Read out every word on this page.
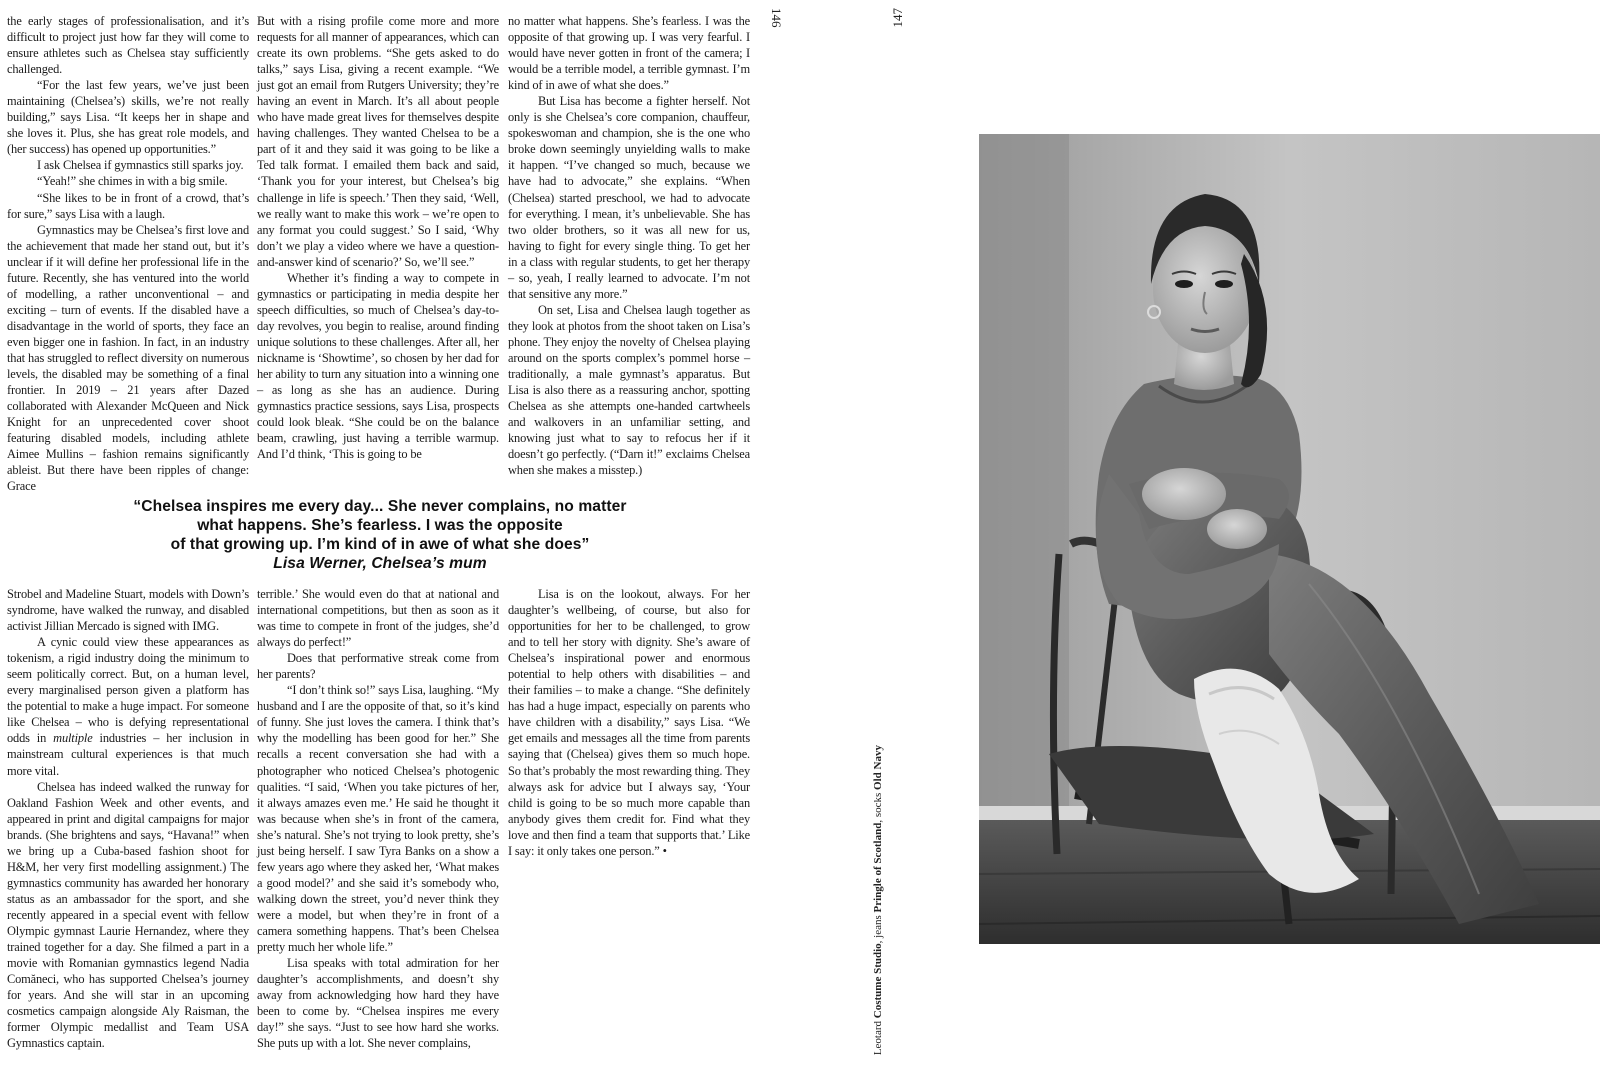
146	147

the early stages of professionalisation, and it’s difficult to project just how far they will come to ensure athletes such as Chelsea stay sufficiently challenged.

“For the last few years, we’ve just been maintaining (Chelsea’s) skills, we’re not really building,” says Lisa. “It keeps her in shape and she loves it. Plus, she has great role models, and (her success) has opened up opportunities.”

I ask Chelsea if gymnastics still sparks joy.

“Yeah!” she chimes in with a big smile.

“She likes to be in front of a crowd, that’s for sure,” says Lisa with a laugh.

Gymnastics may be Chelsea’s first love and the achievement that made her stand out, but it’s unclear if it will define her professional life in the future. Recently, she has ventured into the world of modelling, a rather unconventional – and exciting – turn of events. If the disabled have a disadvantage in the world of sports, they face an even bigger one in fashion. In fact, in an industry that has struggled to reflect diversity on numerous levels, the disabled may be something of a final frontier. In 2019 – 21 years after Dazed collaborated with Alexander McQueen and Nick Knight for an unprecedented cover shoot featuring disabled models, including athlete Aimee Mullins – fashion remains significantly ableist. But there have been ripples of change: Grace

But with a rising profile come more and more requests for all manner of appearances, which can create its own problems. “She gets asked to do talks,” says Lisa, giving a recent example. “We just got an email from Rutgers University; they’re having an event in March. It’s all about people who have made great lives for themselves despite having challenges. They wanted Chelsea to be a part of it and they said it was going to be like a Ted talk format. I emailed them back and said, ‘Thank you for your interest, but Chelsea’s big challenge in life is speech.’ Then they said, ‘Well, we really want to make this work – we’re open to any format you could suggest.’ So I said, ‘Why don’t we play a video where we have a question-and-answer kind of scenario?’ So, we’ll see.”

Whether it’s finding a way to compete in gymnastics or participating in media despite her speech difficulties, so much of Chelsea’s day-to-day revolves, you begin to realise, around finding unique solutions to these challenges. After all, her nickname is ‘Showtime’, so chosen by her dad for her ability to turn any situation into a winning one – as long as she has an audience. During gymnastics practice sessions, says Lisa, prospects could look bleak. “She could be on the balance beam, crawling, just having a terrible warmup. And I’d think, ‘This is going to be

no matter what happens. She’s fearless. I was the opposite of that growing up. I was very fearful. I would have never gotten in front of the camera; I would be a terrible model, a terrible gymnast. I’m kind of in awe of what she does.”

But Lisa has become a fighter herself. Not only is she Chelsea’s core companion, chauffeur, spokeswoman and champion, she is the one who broke down seemingly unyielding walls to make it happen. “I’ve changed so much, because we have had to advocate,” she explains. “When (Chelsea) started preschool, we had to advocate for everything. I mean, it’s unbelievable. She has two older brothers, so it was all new for us, having to fight for every single thing. To get her in a class with regular students, to get her therapy – so, yeah, I really learned to advocate. I’m not that sensitive any more.”

On set, Lisa and Chelsea laugh together as they look at photos from the shoot taken on Lisa’s phone. They enjoy the novelty of Chelsea playing around on the sports complex’s pommel horse – traditionally, a male gymnast’s apparatus. But Lisa is also there as a reassuring anchor, spotting Chelsea as she attempts one-handed cartwheels and walkovers in an unfamiliar setting, and knowing just what to say to refocus her if it doesn’t go perfectly. (“Darn it!” exclaims Chelsea when she makes a misstep.)

“Chelsea inspires me every day... She never complains, no matter
what happens. She’s fearless. I was the opposite
of that growing up. I’m kind of in awe of what she does”
Lisa Werner, Chelsea’s mum

Strobel and Madeline Stuart, models with Down’s syndrome, have walked the runway, and disabled activist Jillian Mercado is signed with IMG.

A cynic could view these appearances as tokenism, a rigid industry doing the minimum to seem politically correct. But, on a human level, every marginalised person given a platform has the potential to make a huge impact. For someone like Chelsea – who is defying representational odds in multiple industries – her inclusion in mainstream cultural experiences is that much more vital.

Chelsea has indeed walked the runway for Oakland Fashion Week and other events, and appeared in print and digital campaigns for major brands. (She brightens and says, “Havana!” when we bring up a Cuba-based fashion shoot for H&M, her very first modelling assignment.) The gymnastics community has awarded her honorary status as an ambassador for the sport, and she recently appeared in a special event with fellow Olympic gymnast Laurie Hernandez, where they trained together for a day. She filmed a part in a movie with Romanian gymnastics legend Nadia Comăneci, who has supported Chelsea’s journey for years. And she will star in an upcoming cosmetics campaign alongside Aly Raisman, the former Olympic medallist and Team USA Gymnastics captain.

terrible.’ She would even do that at national and international competitions, but then as soon as it was time to compete in front of the judges, she’d always do perfect!”

Does that performative streak come from her parents?

“I don’t think so!” says Lisa, laughing. “My husband and I are the opposite of that, so it’s kind of funny. She just loves the camera. I think that’s why the modelling has been good for her.” She recalls a recent conversation she had with a photographer who noticed Chelsea’s photogenic qualities. “I said, ‘When you take pictures of her, it always amazes even me.’ He said he thought it was because when she’s in front of the camera, she’s natural. She’s not trying to look pretty, she’s just being herself. I saw Tyra Banks on a show a few years ago where they asked her, ‘What makes a good model?’ and she said it’s somebody who, walking down the street, you’d never think they were a model, but when they’re in front of a camera something happens. That’s been Chelsea pretty much her whole life.”

Lisa speaks with total admiration for her daughter’s accomplishments, and doesn’t shy away from acknowledging how hard they have been to come by. “Chelsea inspires me every day!” she says. “Just to see how hard she works. She puts up with a lot. She never complains,

Lisa is on the lookout, always. For her daughter’s wellbeing, of course, but also for opportunities for her to be challenged, to grow and to tell her story with dignity. She’s aware of Chelsea’s inspirational power and enormous potential to help others with disabilities – and their families – to make a change. “She definitely has had a huge impact, especially on parents who have children with a disability,” says Lisa. “We get emails and messages all the time from parents saying that (Chelsea) gives them so much hope. So that’s probably the most rewarding thing. They always ask for advice but I always say, ‘Your child is going to be so much more capable than anybody gives them credit for. Find what they love and then find a team that supports that.’ Like I say: it only takes one person.” •

Leotard Costume Studio, jeans Pringle of Scotland, socks Old Navy
